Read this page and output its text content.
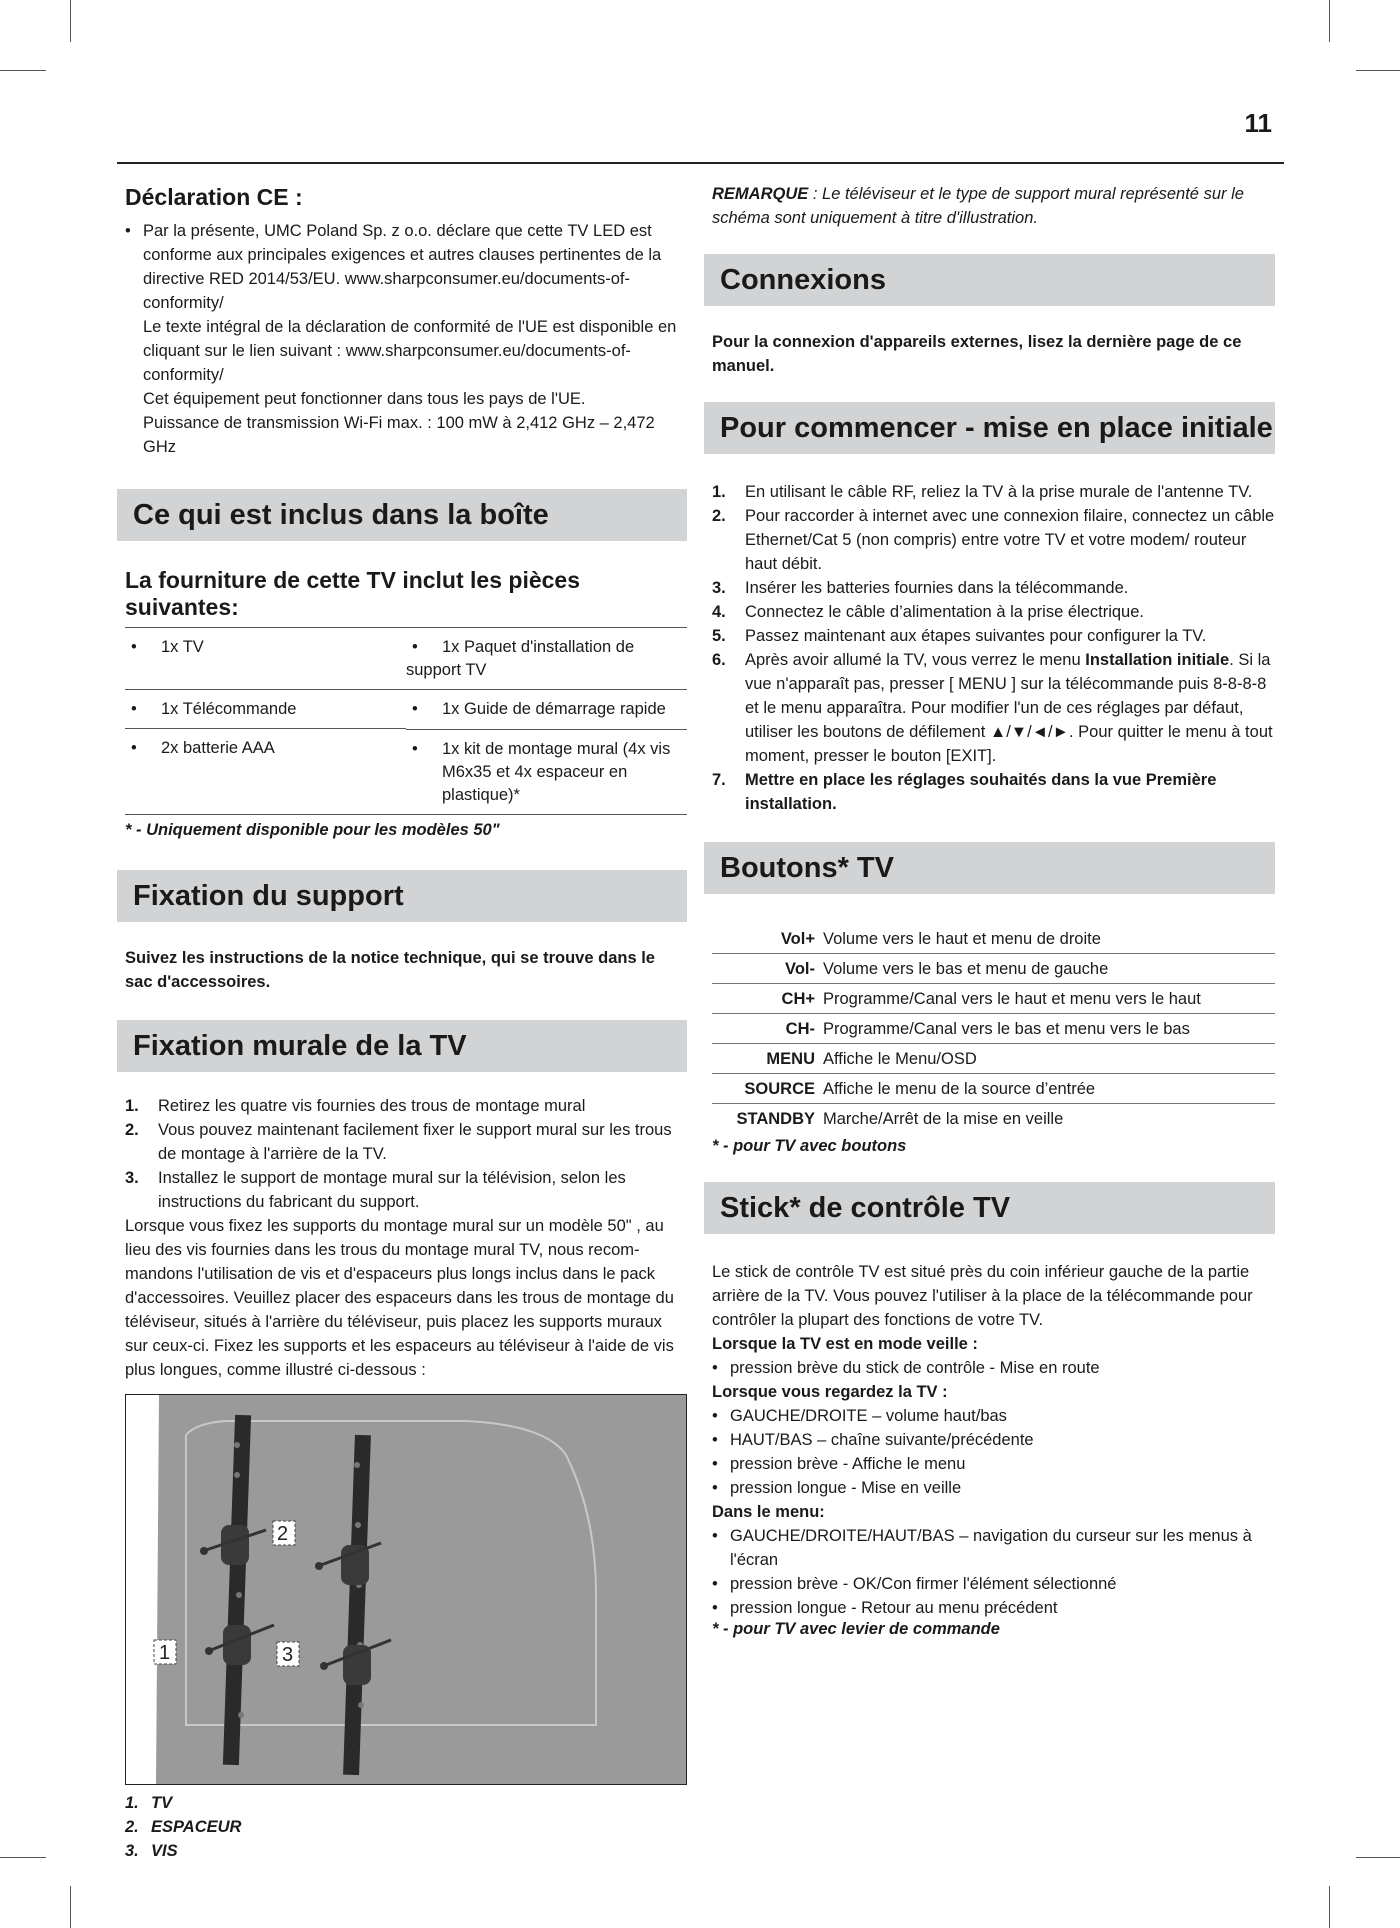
11
Déclaration CE :

• Par la présente, UMC Poland Sp. z o.o. déclare que cette TV LED est conforme aux principales exigences et autres clauses pertinentes de la directive RED 2014/53/EU. www.sharpconsumer.eu/documents-of-conformity/

Le texte intégral de la déclaration de conformité de l'UE est disponible en cliquant sur le lien suivant : www.sharpconsumer.eu/documents-of-conformity/

Cet équipement peut fonctionner dans tous les pays de l'UE.

Puissance de transmission Wi-Fi max. : 100 mW à 2,412 GHz – 2,472 GHz

Ce qui est inclus dans la boîte
La fourniture de cette TV inclut les pièces suivantes:
• 1x TV	• 1x Paquet d'installation de support TV
• 1x Télécommande	• 1x Guide de démarrage rapide
• 2x batterie AAA		•	1x kit de montage mural (4x vis M6x35 et 4x espaceur en plastique)*
* - Uniquement disponible pour les modèles 50"
Fixation du support

Suivez les instructions de la notice technique, qui se trouve dans le sac d'accessoires.

Fixation murale de la TV
1. Retirez les quatre vis fournies des trous de montage mural
2. Vous pouvez maintenant facilement fixer le support mural sur les trous de montage à l'arrière de la TV.
3. Installez le support de montage mural sur la télévision, selon les instructions du fabricant du support.

Lorsque vous fixez les supports du montage mural sur un modèle 50" , au lieu des vis fournies dans les trous du montage mural TV, nous recom-mandons l'utilisation de vis et d'espaceurs plus longs inclus dans le pack d'accessoires. Veuillez placer des espaceurs dans les trous de montage du téléviseur, situés à l'arrière du téléviseur, puis placez les supports muraux sur ceux-ci. Fixez les supports et les espaceurs au téléviseur à l'aide de vis plus longues, comme illustré ci-dessous :

2
1	3
1. TV
2. ESPACEUR
3. VIS
REMARQUE : Le téléviseur et le type de support mural représenté sur le schéma sont uniquement à titre d'illustration.
Connexions

Pour la connexion d'appareils externes, lisez la dernière page de ce manuel.

Pour commencer - mise en place initiale
1. En utilisant le câble RF, reliez la TV à la prise murale de l'antenne TV.
2. Pour raccorder à internet avec une connexion filaire, connectez un câble Ethernet/Cat 5 (non compris) entre votre TV et votre modem/ routeur haut débit.
3. Insérer les batteries fournies dans la télécommande.
4. Connectez le câble d’alimentation à la prise électrique.
5. Passez maintenant aux étapes suivantes pour configurer la TV.
6. Après avoir allumé la TV, vous verrez le menu Installation initiale. Si la vue n'apparaît pas, presser [ MENU ] sur la télécommande puis 8-8-8-8 et le menu apparaîtra. Pour modifier l'un de ces réglages par défaut, utiliser les boutons de défilement ▲/▼/◄/►. Pour quitter le menu à tout moment, presser le bouton [EXIT].
7. Mettre en place les réglages souhaités dans la vue Première installation.
Boutons* TV
Vol+	Volume vers le haut et menu de droite
Vol-	Volume vers le bas et menu de gauche
CH+	Programme/Canal vers le haut et menu vers le haut
CH-	Programme/Canal vers le bas et menu vers le bas
MENU	Affiche le Menu/OSD
SOURCE	Affiche le menu de la source d’entrée
STANDBY	Marche/Arrêt de la mise en veille
* - pour TV avec boutons
Stick* de contrôle TV

Le stick de contrôle TV est situé près du coin inférieur gauche de la partie arrière de la TV. Vous pouvez l'utiliser à la place de la télécommande pour contrôler la plupart des fonctions de votre TV.

Lorsque la TV est en mode veille :

• pression brève du stick de contrôle - Mise en route

Lorsque vous regardez la TV :

• GAUCHE/DROITE – volume haut/bas
• HAUT/BAS – chaîne suivante/précédente
• pression brève - Affiche le menu
• pression longue - Mise en veille

Dans le menu:

• GAUCHE/DROITE/HAUT/BAS – navigation du curseur sur les menus à l'écran
• pression brève - OK/Con firmer l'élément sélectionné
• pression longue - Retour au menu précédent
* - pour TV avec levier de commande
